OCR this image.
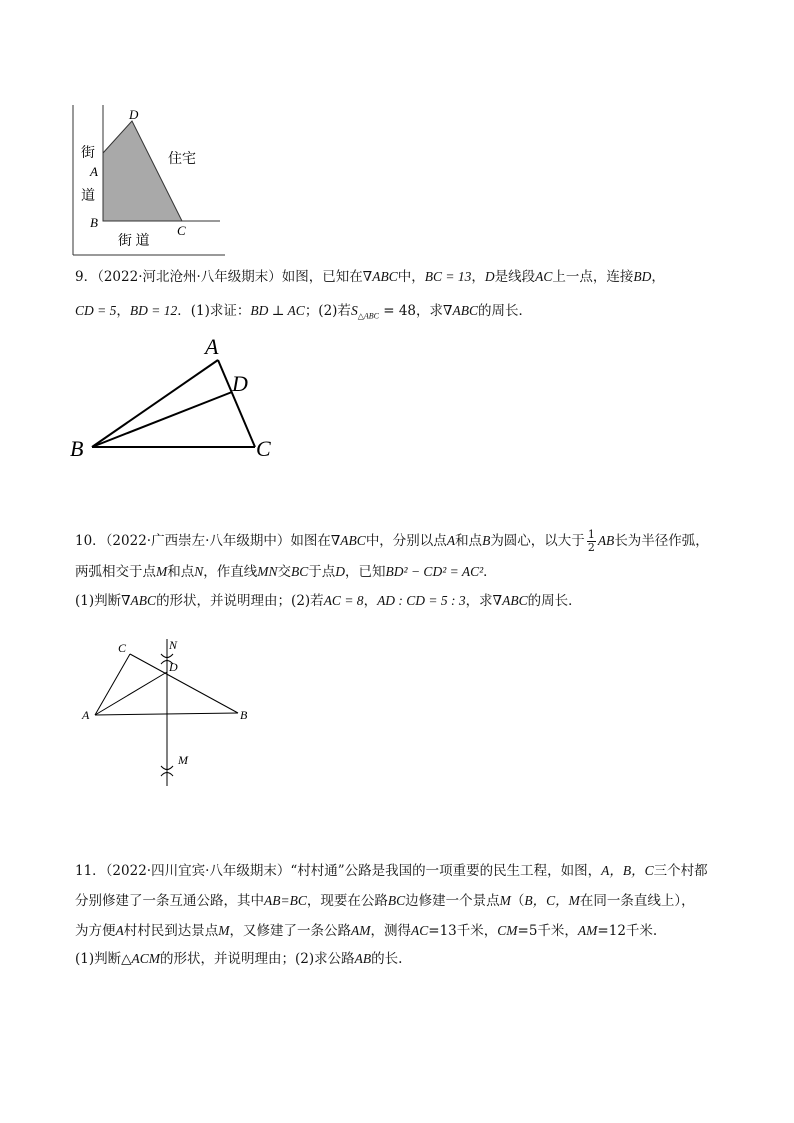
D
A
B
C
街
道
住宅
街 道
9．（2022·河北沧州·八年级期末）如图，已知在∇ABC中，BC = 13，D是线段AC上一点，连接BD，
CD = 5，BD = 12．(1)求证：BD ⊥ AC；(2)若$S_{\triangle ABC} = 48$，求∇ABC的周长．
A
D
B	C
10．（2022·广西崇左·八年级期中）如图在 ∇ABC 中，分别以点 A 和点 B 为圆心，以大于 1
2 AB 长为半径作弧，
两弧相交于点M和点N，作直线MN交BC于点D，已知BD² − CD² = AC²．
(1)判断∇ABC的形状，并说明理由；(2)若AC = 8，AD : CD = 5 : 3，求∇ABC的周长．
C	N
D
A	B
M
11．（2022·四川宜宾·八年级期末）“村村通”公路是我国的一项重要的民生工程，如图，A，B，C三个村都
分别修建了一条互通公路，其中AB=BC，现要在公路BC边修建一个景点M（B，C，M在同一条直线上），
为方便A村村民到达景点M，又修建了一条公路AM，测得AC=13千米，CM=5千米，AM=12千米.
(1)判断△ACM的形状，并说明理由；(2)求公路AB的长.
